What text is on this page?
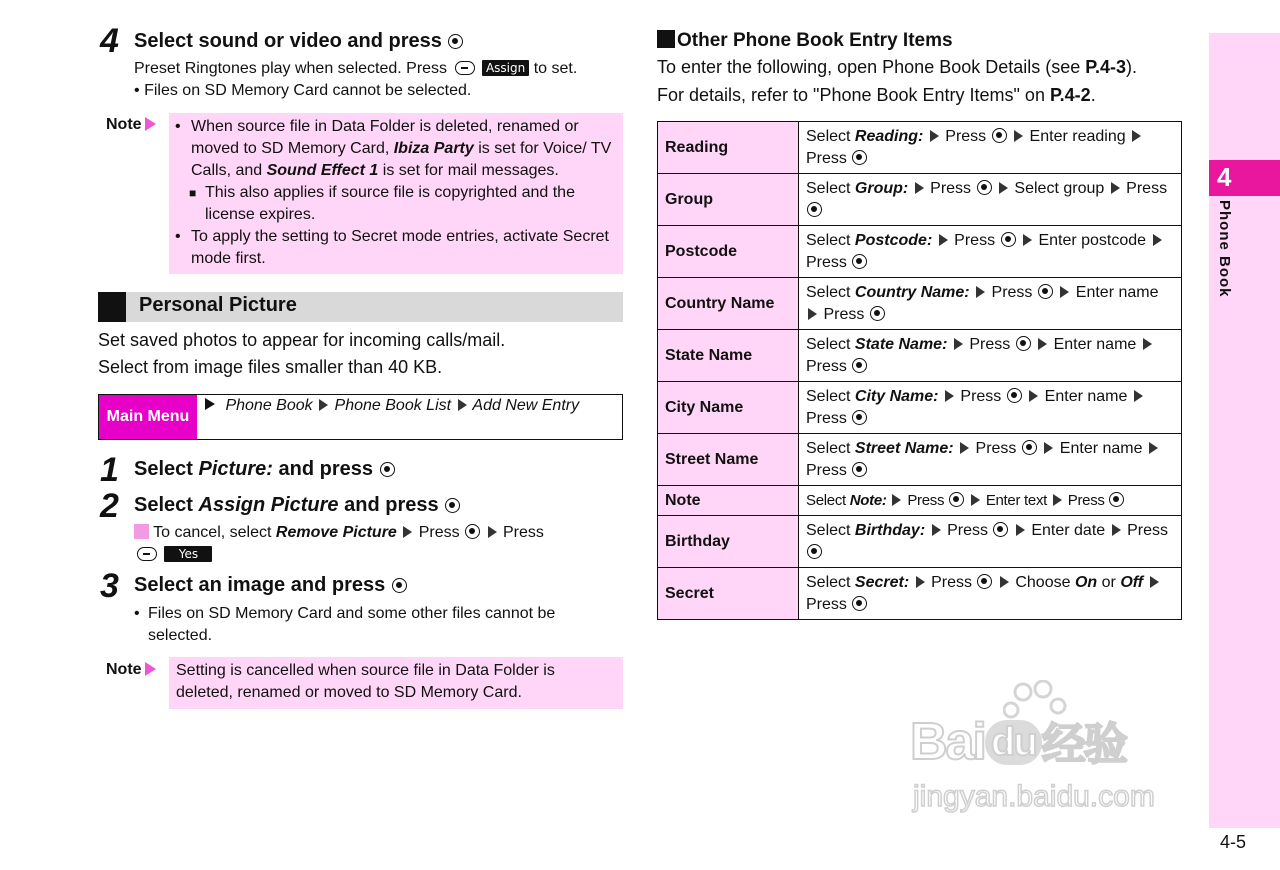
4 Select sound or video and press
Preset Ringtones play when selected. Press	Assign to set.
• Files on SD Memory Card cannot be selected.
Note	• When source file in Data Folder is deleted, renamed or moved to SD Memory Card, Ibiza Party is set for Voice/ TV Calls, and Sound Effect 1 is set for mail messages.
■ This also applies if source file is copyrighted and the license expires.
• To apply the setting to Secret mode entries, activate Secret mode first.
Personal Picture
Set saved photos to appear for incoming calls/mail.
Select from image files smaller than 40 KB.
Main Menu
Phone Book Phone Book List Add New Entry
1 Select Picture: and press
2 Select Assign Picture and press
To cancel, select Remove Picture Press	Press
Yes
3 Select an image and press
• Files on SD Memory Card and some other files cannot be selected.
Note	Setting is cancelled when source file in Data Folder is deleted, renamed or moved to SD Memory Card.
Other Phone Book Entry Items
To enter the following, open Phone Book Details (see P.4-3).
For details, refer to "Phone Book Entry Items" on P.4-2.
Reading	Select Reading: Press Enter reading  Press
Group	Select Group: Press Select group Press
Postcode	Select Postcode: Press Enter postcode  Press
Country Name	Select Country Name: Press Enter name  Press
State Name	Select State Name: Press Enter name  Press
City Name	Select City Name: Press Enter name  Press
Street Name	Select Street Name: Press Enter name  Press
Note	Select Note: Press Enter text Press
Birthday	Select Birthday: Press Enter date Press
Secret	Select Secret: Press Choose On or Off  Press
4
Phone Book
Bai du 经验
jingyan.baidu.com
4-5
